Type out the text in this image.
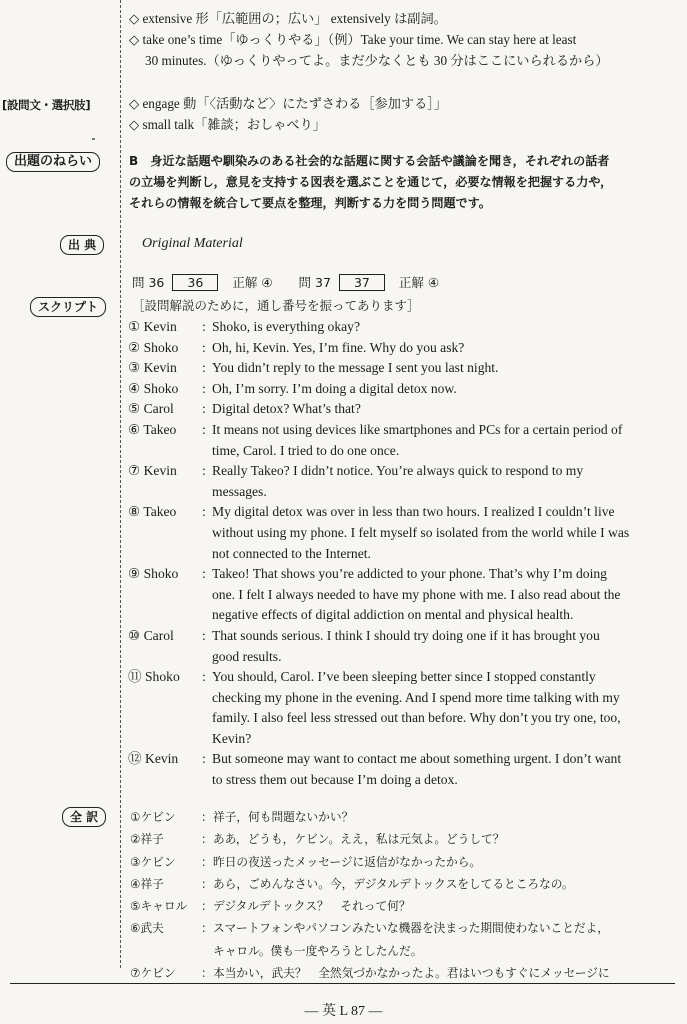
◇ extensive 形「広範囲の；広い」 extensively は副詞。
◇ take one’s time「ゆっくりやる」（例）Take your time. We can stay here at least
30 minutes.（ゆっくりやってよ。まだ少なくとも 30 分はここにいられるから）
[設問文・選択肢]	◇ engage 動「〈活動など〉にたずさわる［参加する］」
◇ small talk「雑談；おしゃべり」
出題のねらい	B　身近な話題や馴染みのある社会的な話題に関する会話や議論を聞き，それぞれの話者
の立場を判断し，意見を支持する図表を選ぶことを通じて，必要な情報を把握する力や，
それらの情報を統合して要点を整理，判断する力を問う問題です。
出 典	Original Material
問 36 36 正解 ④ 問 37 37 正解 ④
スクリプト	［設問解説のために，通し番号を振ってあります］
① Kevin	: Shoko, is everything okay?
② Shoko	: Oh, hi, Kevin. Yes, I’m fine. Why do you ask?
③ Kevin	: You didn’t reply to the message I sent you last night.
④ Shoko	: Oh, I’m sorry. I’m doing a digital detox now.
⑤ Carol	: Digital detox? What’s that?
⑥ Takeo	: It means not using devices like smartphones and PCs for a certain period of
time, Carol. I tried to do one once.
⑦ Kevin	: Really Takeo? I didn’t notice. You’re always quick to respond to my
messages.
⑧ Takeo	: My digital detox was over in less than two hours. I realized I couldn’t live
without using my phone. I felt myself so isolated from the world while I was
not connected to the Internet.
⑨ Shoko	: Takeo! That shows you’re addicted to your phone. That’s why I’m doing
one. I felt I always needed to have my phone with me. I also read about the
negative effects of digital addiction on mental and physical health.
⑩ Carol	: That sounds serious. I think I should try doing one if it has brought you
good results.
⑪ Shoko	: You should, Carol. I’ve been sleeping better since I stopped constantly
checking my phone in the evening. And I spend more time talking with my
family. I also feel less stressed out than before. Why don’t you try one, too,
Kevin?
⑫ Kevin	: But someone may want to contact me about something urgent. I don’t want
to stress them out because I’m doing a detox.
全 訳	①ケビン	： 祥子，何も問題ないかい？
②祥子	： ああ，どうも，ケビン。ええ，私は元気よ。どうして？
③ケビン	： 昨日の夜送ったメッセージに返信がなかったから。
④祥子	： あら，ごめんなさい。今，デジタルデトックスをしてるところなの。
⑤キャロル	： デジタルデトックス？　それって何？
⑥武夫	： スマートフォンやパソコンみたいな機器を決まった期間使わないことだよ，
キャロル。僕も一度やろうとしたんだ。
⑦ケビン	： 本当かい，武夫？　全然気づかなかったよ。君はいつもすぐにメッセージに
— 英 L 87 —
